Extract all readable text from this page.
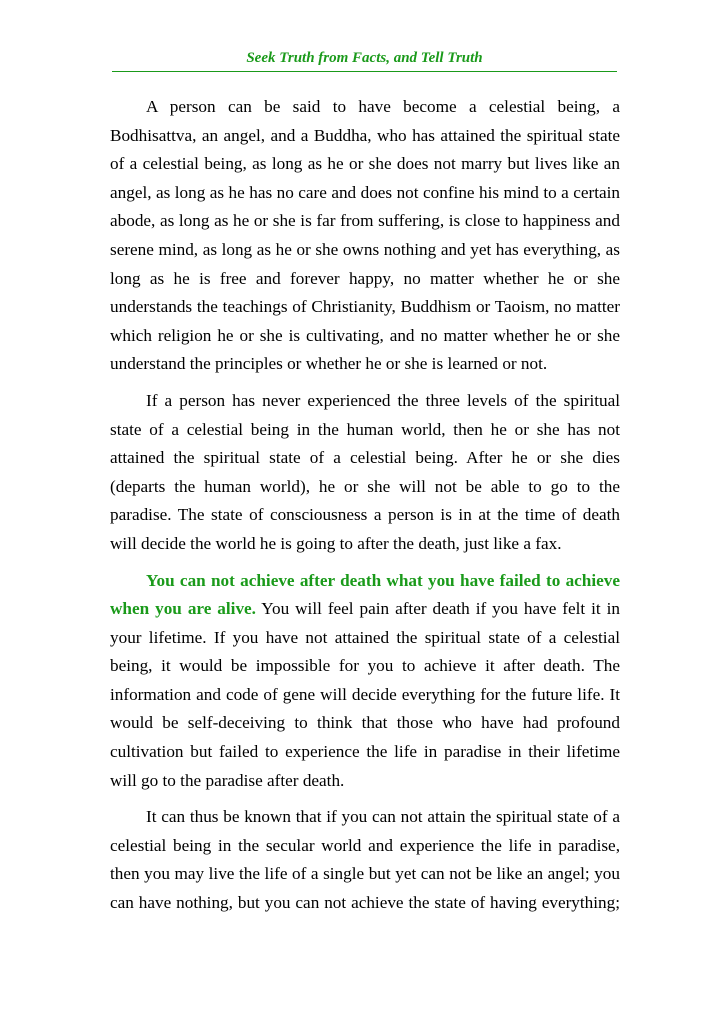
Seek Truth from Facts, and Tell Truth

A person can be said to have become a celestial being, a
Bodhisattva, an angel, and a Buddha, who has attained the spiritual state
of a celestial being, as long as he or she does not marry but lives like an
angel, as long as he has no care and does not confine his mind to a certain
abode, as long as he or she is far from suffering, is close to happiness and
serene mind, as long as he or she owns nothing and yet has everything, as
long as he is free and forever happy, no matter whether he or she
understands the teachings of Christianity, Buddhism or Taoism, no matter
which religion he or she is cultivating, and no matter whether he or she
understand the principles or whether he or she is learned or not.

If a person has never experienced the three levels of the spiritual
state of a celestial being in the human world, then he or she has not
attained the spiritual state of a celestial being. After he or she dies
(departs the human world), he or she will not be able to go to the
paradise. The state of consciousness a person is in at the time of death
will decide the world he is going to after the death, just like a fax.

You can not achieve after death what you have failed to achieve
when you are alive. You will feel pain after death if you have felt it in
your lifetime. If you have not attained the spiritual state of a celestial
being, it would be impossible for you to achieve it after death. The
information and code of gene will decide everything for the future life. It
would be self-deceiving to think that those who have had profound
cultivation but failed to experience the life in paradise in their lifetime
will go to the paradise after death.

It can thus be known that if you can not attain the spiritual state of a
celestial being in the secular world and experience the life in paradise,
then you may live the life of a single but yet can not be like an angel; you
can have nothing, but you can not achieve the state of having everything;
